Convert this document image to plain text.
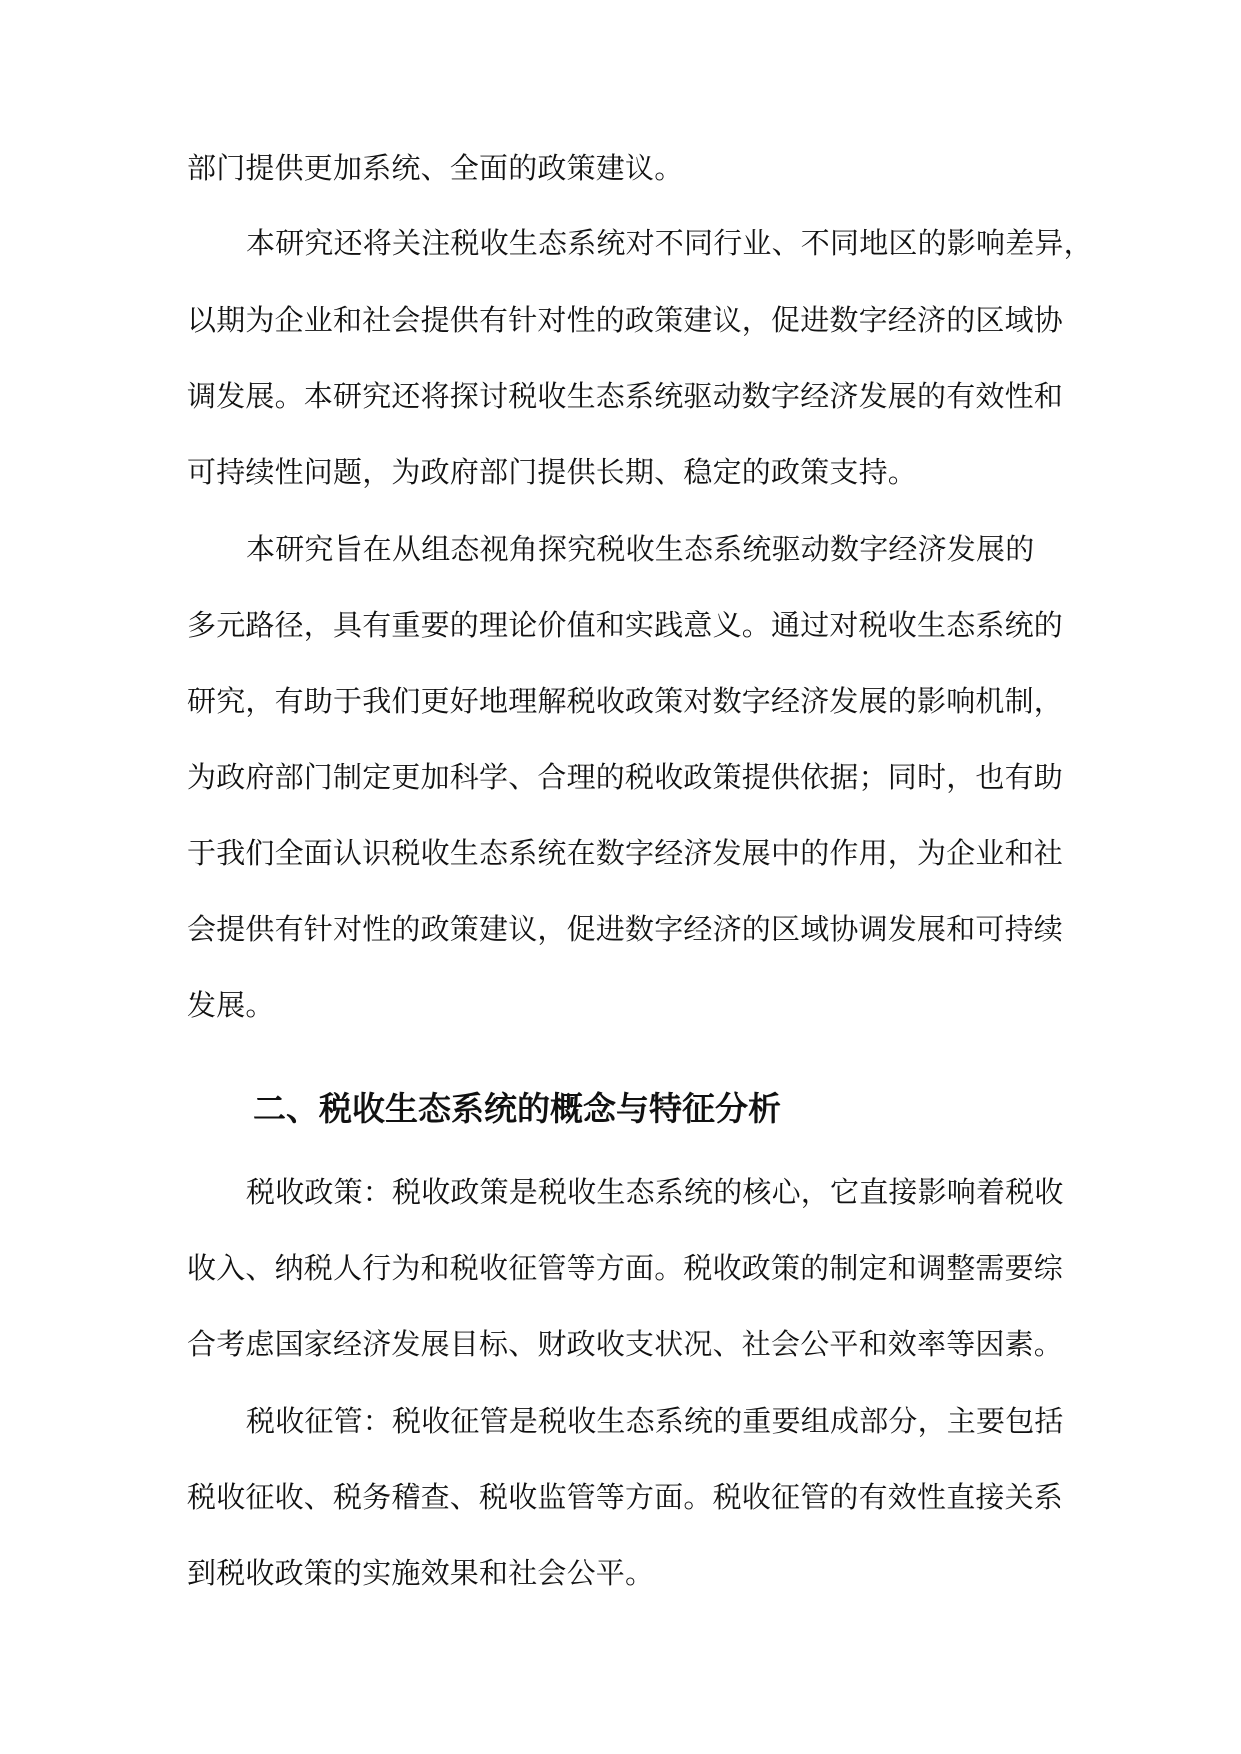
部门提供更加系统、全面的政策建议。
本研究还将关注税收生态系统对不同行业、不同地区的影响差异，
以期为企业和社会提供有针对性的政策建议，促进数字经济的区域协
调发展。本研究还将探讨税收生态系统驱动数字经济发展的有效性和
可持续性问题，为政府部门提供长期、稳定的政策支持。
本研究旨在从组态视角探究税收生态系统驱动数字经济发展的
多元路径，具有重要的理论价值和实践意义。通过对税收生态系统的
研究，有助于我们更好地理解税收政策对数字经济发展的影响机制，
为政府部门制定更加科学、合理的税收政策提供依据；同时，也有助
于我们全面认识税收生态系统在数字经济发展中的作用，为企业和社
会提供有针对性的政策建议，促进数字经济的区域协调发展和可持续
发展。
二、税收生态系统的概念与特征分析
税收政策：税收政策是税收生态系统的核心，它直接影响着税收
收入、纳税人行为和税收征管等方面。税收政策的制定和调整需要综
合考虑国家经济发展目标、财政收支状况、社会公平和效率等因素。
税收征管：税收征管是税收生态系统的重要组成部分，主要包括
税收征收、税务稽查、税收监管等方面。税收征管的有效性直接关系
到税收政策的实施效果和社会公平。
